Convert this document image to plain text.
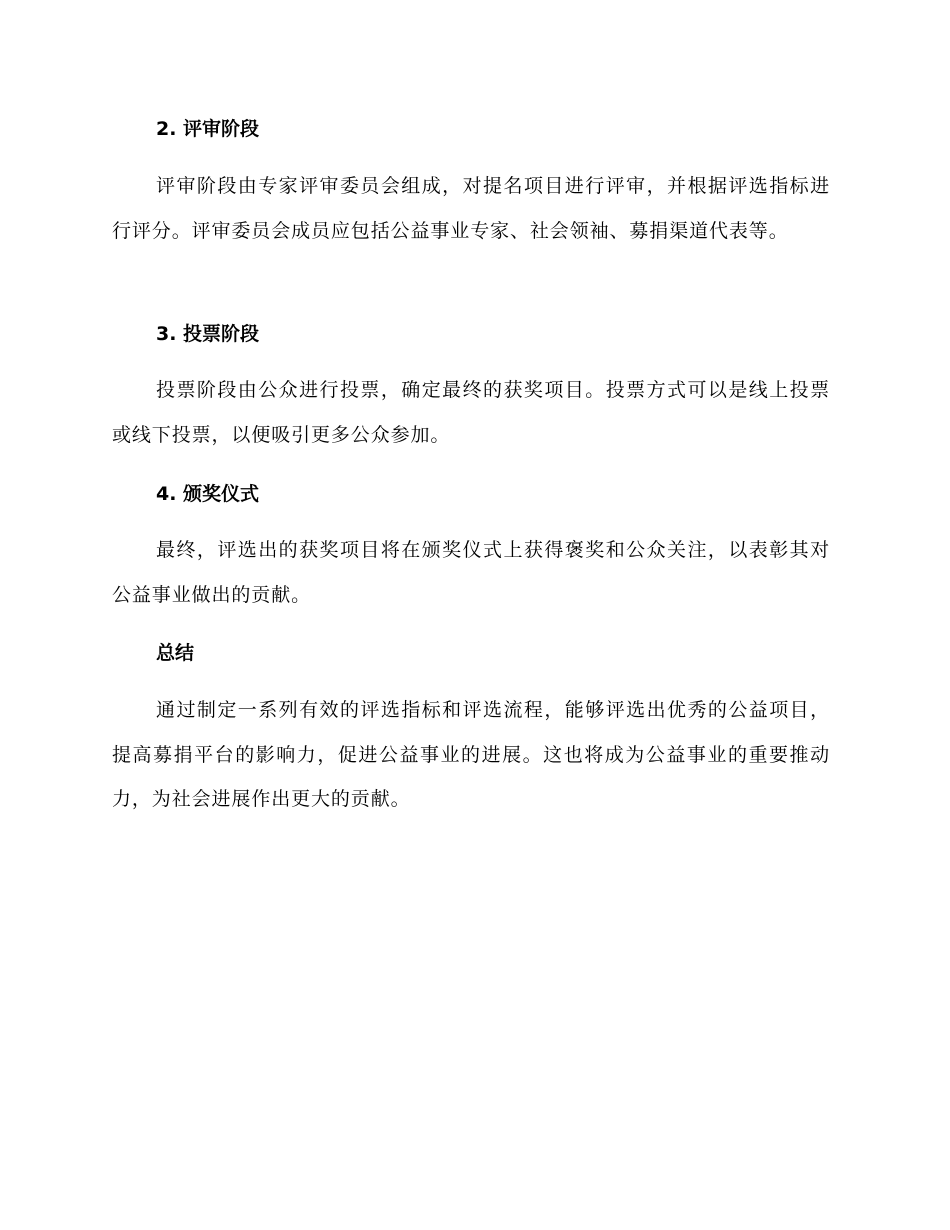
2. 评审阶段

评审阶段由专家评审委员会组成，对提名项目进行评审，并根据评选指标进行评分。评审委员会成员应包括公益事业专家、社会领袖、募捐渠道代表等。

3. 投票阶段

投票阶段由公众进行投票，确定最终的获奖项目。投票方式可以是线上投票或线下投票，以便吸引更多公众参加。

4. 颁奖仪式

最终，评选出的获奖项目将在颁奖仪式上获得褒奖和公众关注，以表彰其对公益事业做出的贡献。

总结

通过制定一系列有效的评选指标和评选流程，能够评选出优秀的公益项目，提高募捐平台的影响力，促进公益事业的进展。这也将成为公益事业的重要推动力，为社会进展作出更大的贡献。
